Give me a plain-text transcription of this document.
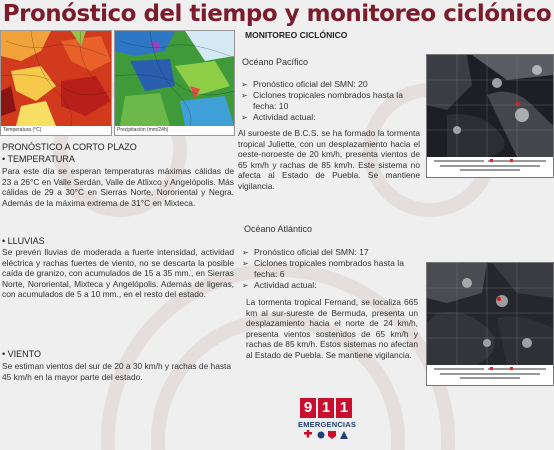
Pronóstico del tiempo y monitoreo ciclónico
Temperatura (°C)	Precipitación (mm/24h)
PRONÓSTICO A CORTO PLAZO
• TEMPERATURA
Para este día se esperan temperaturas máximas cálidas de 23 a 26°C en Valle Serdán, Valle de Atlixco y Angelópolis. Más cálidas de 29 a 30°C en Sierras Norte, Nororiental y Negra. Además de la máxima extrema de 31°C en Mixteca.
• LLUVIAS
Se prevén lluvias de moderada a fuerte intensidad, actividad eléctrica y rachas fuertes de viento, no se descarta la posible caída de granizo, con acumulados de 15 a 35 mm., en Sierras Norte, Nororiental, Mixteca y Angelópolis. Además de ligeras, con acumulados de 5 a 10 mm., en el resto del estado.
• VIENTO
Se estiman vientos del sur de 20 a 30 km/h y rachas de hasta 45 km/h en la mayor parte del estado.
MONITOREO CICLÓNICO
Océano Pacífico
➢ Pronóstico oficial del SMN: 20
➢ Ciclones tropicales nombrados hasta la fecha: 10
➢ Actividad actual:
Al suroeste de B.C.S. se ha formado la tormenta tropical Juliette, con un desplazamiento hacia el oeste-noroeste de 20 km/h, presenta vientos de 65 km/h y rachas de 85 km/h. Este sistema no afecta al Estado de Puebla. Se mantiene vigilancia.
Océano Atlántico
➢ Pronóstico oficial del SMN: 17
➢ Ciclones tropicales nombrados hasta la fecha: 6
➢ Actividad actual:
La tormenta tropical Fernand, se localiza 665 km al sur-sureste de Bermuda, presenta un desplazamiento hacia el norte de 24 km/h, presenta vientos sostenidos de 65 km/h y rachas de 85 km/h. Estos sistemas no afectan al Estado de Puebla. Se mantiene vigilancia.
9 1 1
EMERGENCIAS
